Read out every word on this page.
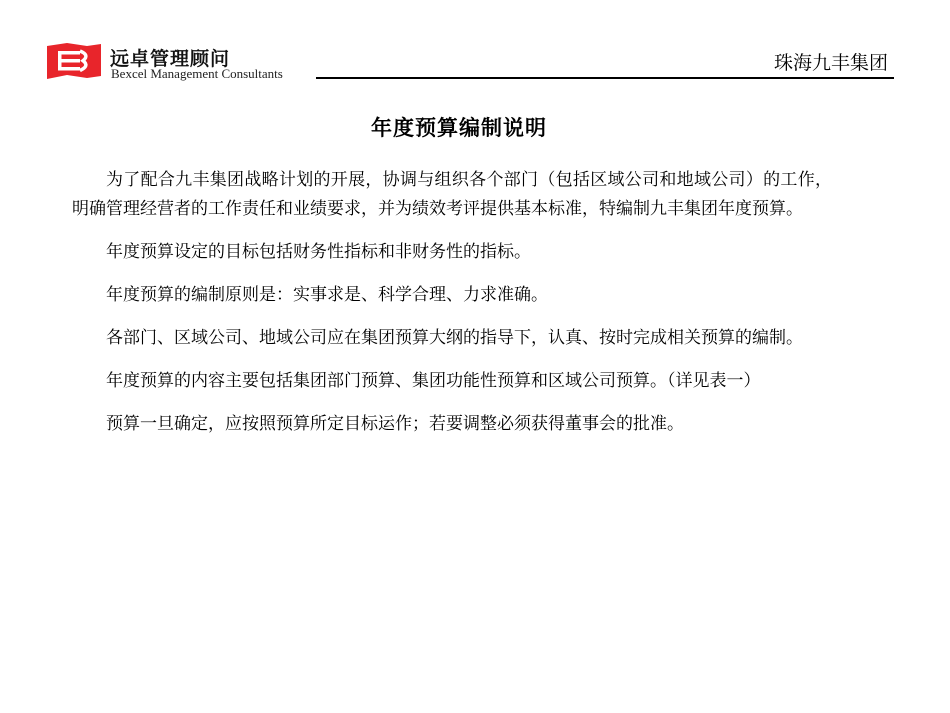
远卓管理顾问
Bexcel Management Consultants	珠海九丰集团
年度预算编制说明

为了配合九丰集团战略计划的开展，协调与组织各个部门（包括区域公司和地域公司）的工作，明确管理经营者的工作责任和业绩要求，并为绩效考评提供基本标准，特编制九丰集团年度预算。

年度预算设定的目标包括财务性指标和非财务性的指标。

年度预算的编制原则是：实事求是、科学合理、力求准确。

各部门、区域公司、地域公司应在集团预算大纲的指导下，认真、按时完成相关预算的编制。

年度预算的内容主要包括集团部门预算、集团功能性预算和区域公司预算。（详见表一）

预算一旦确定，应按照预算所定目标运作；若要调整必须获得董事会的批准。
